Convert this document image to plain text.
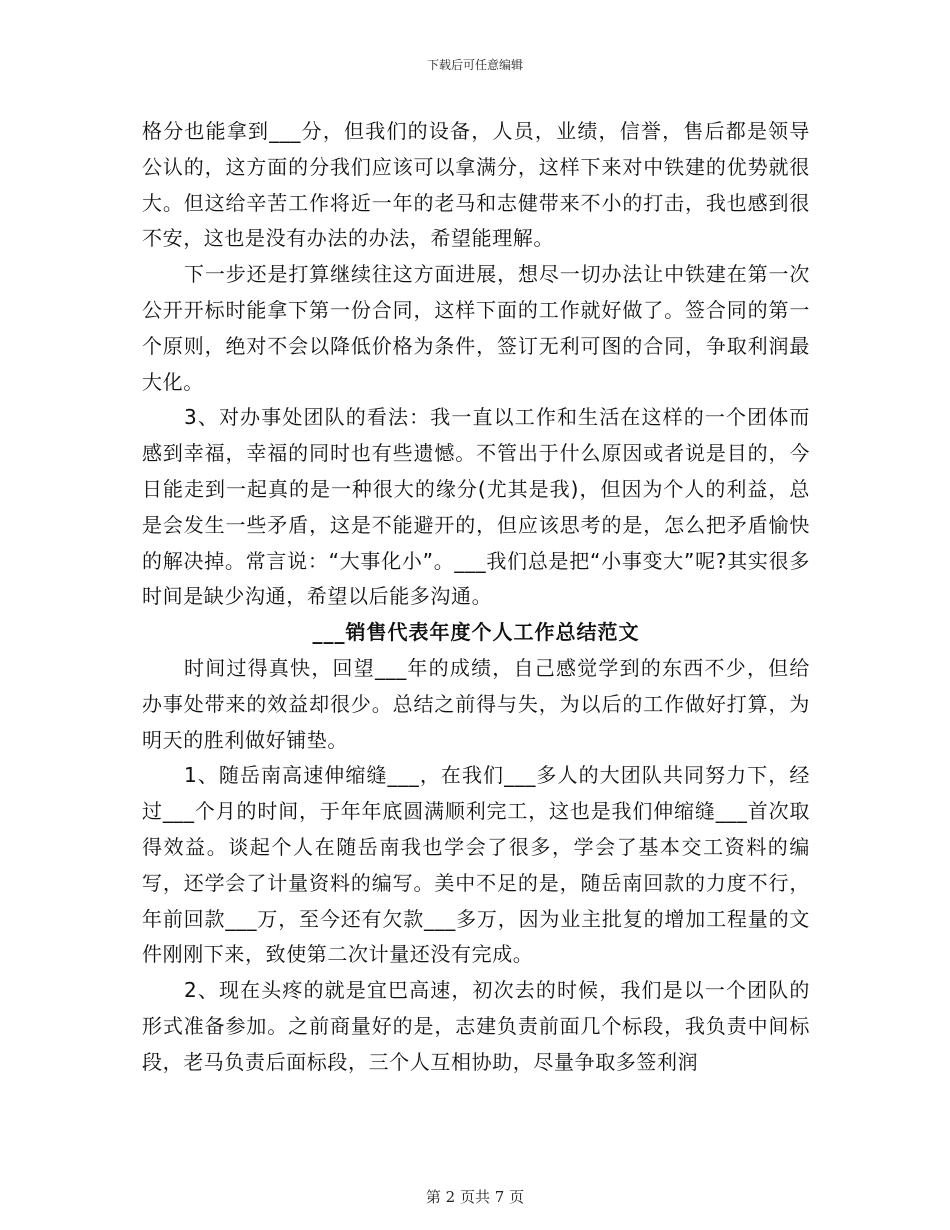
下载后可任意编辑

格分也能拿到___分，但我们的设备，人员，业绩，信誉，售后都是领导公认的，这方面的分我们应该可以拿满分，这样下来对中铁建的优势就很大。但这给辛苦工作将近一年的老马和志健带来不小的打击，我也感到很不安，这也是没有办法的办法，希望能理解。

下一步还是打算继续往这方面进展，想尽一切办法让中铁建在第一次公开开标时能拿下第一份合同，这样下面的工作就好做了。签合同的第一个原则，绝对不会以降低价格为条件，签订无利可图的合同，争取利润最大化。

3、对办事处团队的看法：我一直以工作和生活在这样的一个团体而感到幸福，幸福的同时也有些遗憾。不管出于什么原因或者说是目的，今日能走到一起真的是一种很大的缘分(尤其是我)，但因为个人的利益，总是会发生一些矛盾，这是不能避开的，但应该思考的是，怎么把矛盾愉快的解决掉。常言说：“大事化小”。___我们总是把“小事变大”呢?其实很多时间是缺少沟通，希望以后能多沟通。

___销售代表年度个人工作总结范文

时间过得真快，回望___年的成绩，自己感觉学到的东西不少，但给办事处带来的效益却很少。总结之前得与失，为以后的工作做好打算，为明天的胜利做好铺垫。

1、随岳南高速伸缩缝___，在我们___多人的大团队共同努力下，经过___个月的时间，于年年底圆满顺利完工，这也是我们伸缩缝___首次取得效益。谈起个人在随岳南我也学会了很多，学会了基本交工资料的编写，还学会了计量资料的编写。美中不足的是，随岳南回款的力度不行，年前回款___万，至今还有欠款___多万，因为业主批复的增加工程量的文件刚刚下来，致使第二次计量还没有完成。

2、现在头疼的就是宜巴高速，初次去的时候，我们是以一个团队的形式准备参加。之前商量好的是，志建负责前面几个标段，我负责中间标段，老马负责后面标段，三个人互相协助，尽量争取多签利润

第 2 页共 7 页
